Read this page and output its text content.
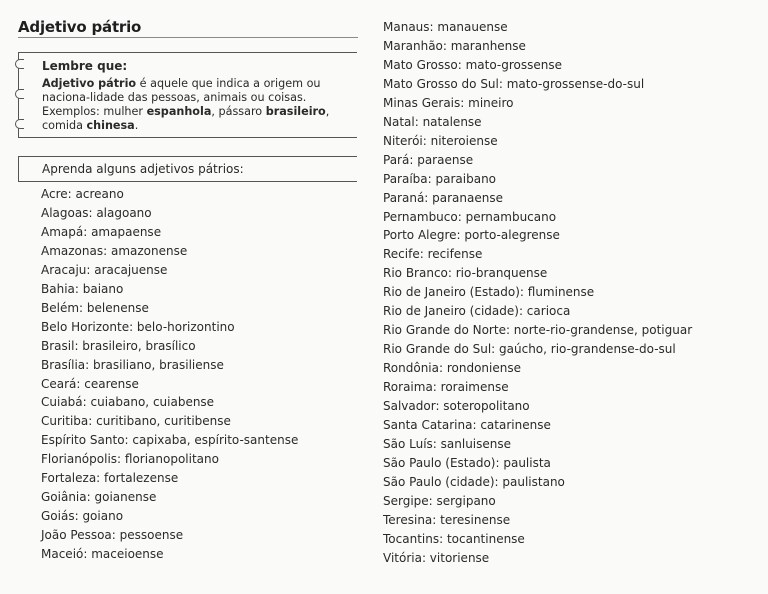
Adjetivo pátrio
Lembre que:

Adjetivo pátrio é aquele que indica a origem ou naciona-lidade das pessoas, animais ou coisas.

Exemplos: mulher espanhola, pássaro brasileiro, comida chinesa.

Aprenda alguns adjetivos pátrios:
Acre: acreano
Alagoas: alagoano
Amapá: amapaense
Amazonas: amazonense
Aracaju: aracajuense
Bahia: baiano
Belém: belenense
Belo Horizonte: belo-horizontino
Brasil: brasileiro, brasílico
Brasília: brasiliano, brasiliense
Ceará: cearense
Cuiabá: cuiabano, cuiabense
Curitiba: curitibano, curitibense
Espírito Santo: capixaba, espírito-santense
Florianópolis: florianopolitano
Fortaleza: fortalezense
Goiânia: goianense
Goiás: goiano
João Pessoa: pessoense
Maceió: maceioense
Manaus: manauense
Maranhão: maranhense
Mato Grosso: mato-grossense
Mato Grosso do Sul: mato-grossense-do-sul
Minas Gerais: mineiro
Natal: natalense
Niterói: niteroiense
Pará: paraense
Paraíba: paraibano
Paraná: paranaense
Pernambuco: pernambucano
Porto Alegre: porto-alegrense
Recife: recifense
Rio Branco: rio-branquense
Rio de Janeiro (Estado): fluminense
Rio de Janeiro (cidade): carioca
Rio Grande do Norte: norte-rio-grandense, potiguar
Rio Grande do Sul: gaúcho, rio-grandense-do-sul
Rondônia: rondoniense
Roraima: roraimense
Salvador: soteropolitano
Santa Catarina: catarinense
São Luís: sanluisense
São Paulo (Estado): paulista
São Paulo (cidade): paulistano
Sergipe: sergipano
Teresina: teresinense
Tocantins: tocantinense
Vitória: vitoriense
